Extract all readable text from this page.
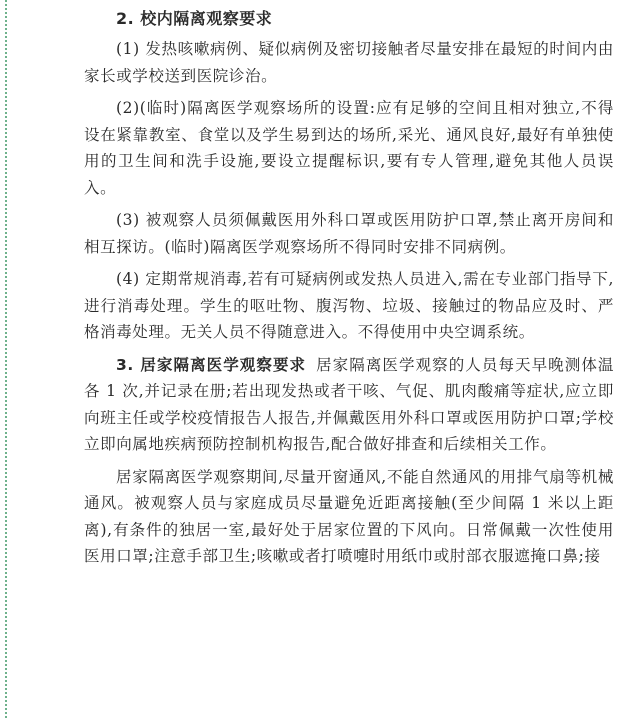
2. 校内隔离观察要求

(1) 发热咳嗽病例、疑似病例及密切接触者尽量安排在最短的时间内由家长或学校送到医院诊治。

(2)(临时)隔离医学观察场所的设置:应有足够的空间且相对独立,不得设在紧靠教室、食堂以及学生易到达的场所,采光、通风良好,最好有单独使用的卫生间和洗手设施,要设立提醒标识,要有专人管理,避免其他人员误入。

(3) 被观察人员须佩戴医用外科口罩或医用防护口罩,禁止离开房间和相互探访。(临时)隔离医学观察场所不得同时安排不同病例。

(4) 定期常规消毒,若有可疑病例或发热人员进入,需在专业部门指导下,进行消毒处理。学生的呕吐物、腹泻物、垃圾、接触过的物品应及时、严格消毒处理。无关人员不得随意进入。不得使用中央空调系统。

3. 居家隔离医学观察要求 居家隔离医学观察的人员每天早晚测体温各 1 次,并记录在册;若出现发热或者干咳、气促、肌肉酸痛等症状,应立即向班主任或学校疫情报告人报告,并佩戴医用外科口罩或医用防护口罩;学校立即向属地疾病预防控制机构报告,配合做好排查和后续相关工作。

居家隔离医学观察期间,尽量开窗通风,不能自然通风的用排气扇等机械通风。被观察人员与家庭成员尽量避免近距离接触(至少间隔 1 米以上距离),有条件的独居一室,最好处于居家位置的下风向。日常佩戴一次性使用医用口罩;注意手部卫生;咳嗽或者打喷嚏时用纸巾或肘部衣服遮掩口鼻;接
